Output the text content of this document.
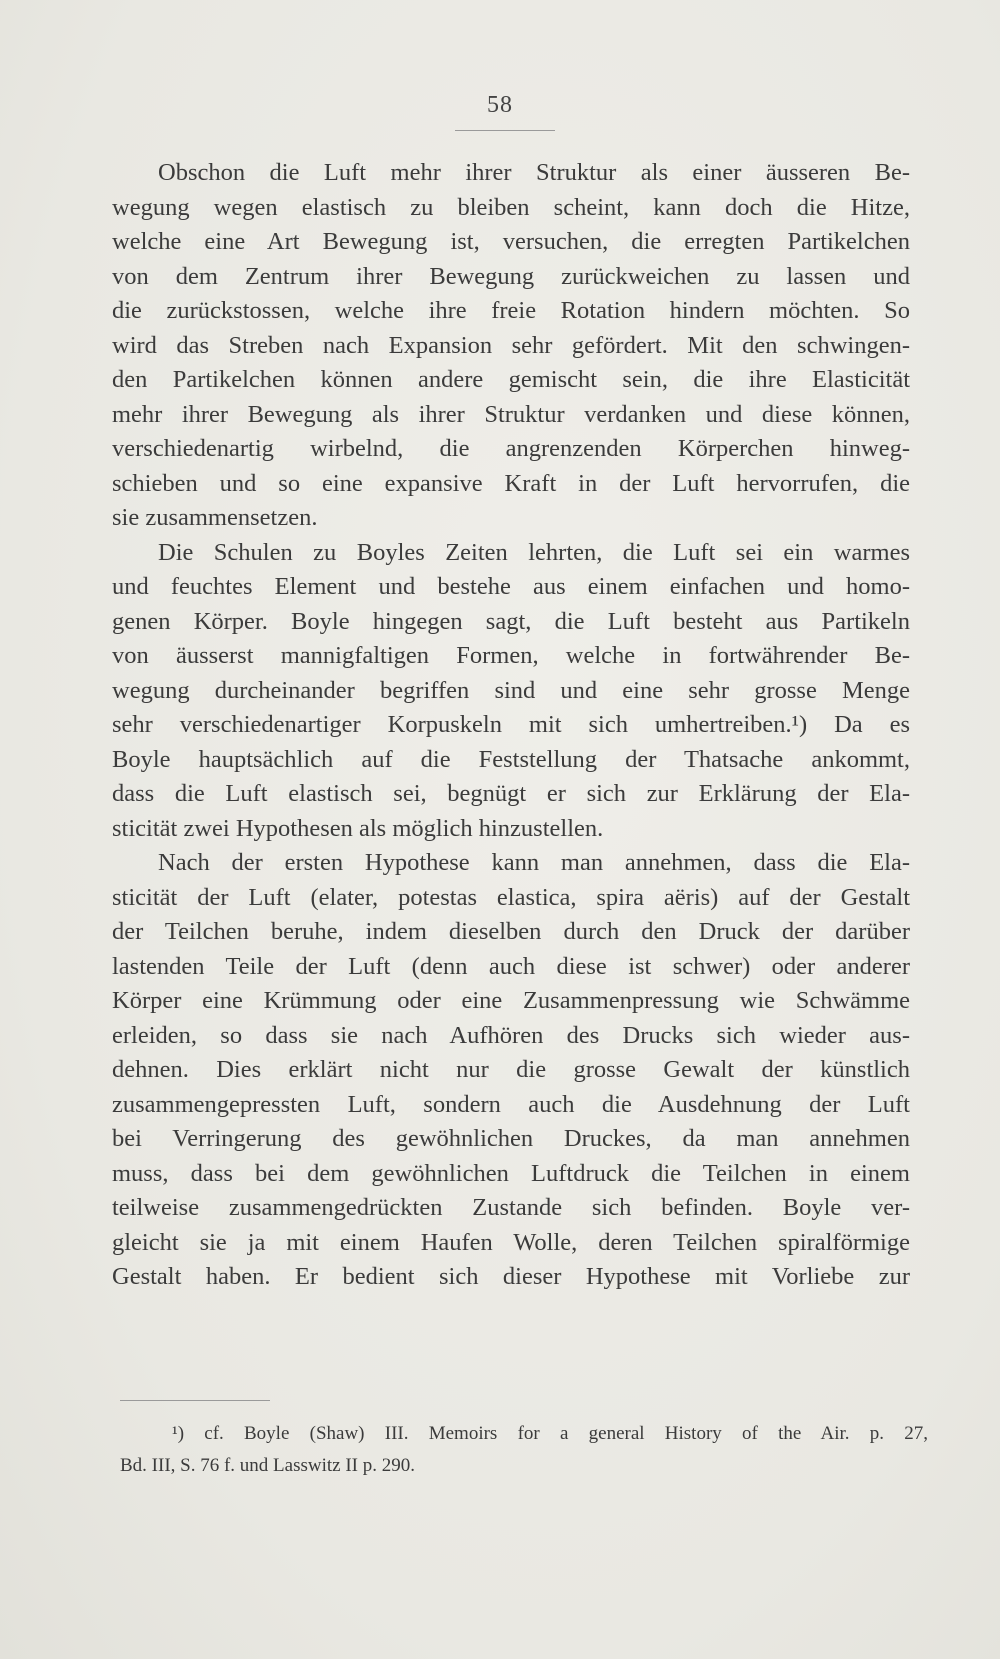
58
Obschon die Luft mehr ihrer Struktur als einer äusseren Be-
wegung wegen elastisch zu bleiben scheint, kann doch die Hitze,
welche eine Art Bewegung ist, versuchen, die erregten Partikelchen
von dem Zentrum ihrer Bewegung zurückweichen zu lassen und
die zurückstossen, welche ihre freie Rotation hindern möchten. So
wird das Streben nach Expansion sehr gefördert. Mit den schwingen-
den Partikelchen können andere gemischt sein, die ihre Elasticität
mehr ihrer Bewegung als ihrer Struktur verdanken und diese können,
verschiedenartig wirbelnd, die angrenzenden Körperchen hinweg-
schieben und so eine expansive Kraft in der Luft hervorrufen, die
sie zusammensetzen.
Die Schulen zu Boyles Zeiten lehrten, die Luft sei ein warmes
und feuchtes Element und bestehe aus einem einfachen und homo-
genen Körper. Boyle hingegen sagt, die Luft besteht aus Partikeln
von äusserst mannigfaltigen Formen, welche in fortwährender Be-
wegung durcheinander begriffen sind und eine sehr grosse Menge
sehr verschiedenartiger Korpuskeln mit sich umhertreiben.¹) Da es
Boyle hauptsächlich auf die Feststellung der Thatsache ankommt,
dass die Luft elastisch sei, begnügt er sich zur Erklärung der Ela-
sticität zwei Hypothesen als möglich hinzustellen.
Nach der ersten Hypothese kann man annehmen, dass die Ela-
sticität der Luft (elater, potestas elastica, spira aëris) auf der Gestalt
der Teilchen beruhe, indem dieselben durch den Druck der darüber
lastenden Teile der Luft (denn auch diese ist schwer) oder anderer
Körper eine Krümmung oder eine Zusammenpressung wie Schwämme
erleiden, so dass sie nach Aufhören des Drucks sich wieder aus-
dehnen. Dies erklärt nicht nur die grosse Gewalt der künstlich
zusammengepressten Luft, sondern auch die Ausdehnung der Luft
bei Verringerung des gewöhnlichen Druckes, da man annehmen
muss, dass bei dem gewöhnlichen Luftdruck die Teilchen in einem
teilweise zusammengedrückten Zustande sich befinden. Boyle ver-
gleicht sie ja mit einem Haufen Wolle, deren Teilchen spiralförmige
Gestalt haben. Er bedient sich dieser Hypothese mit Vorliebe zur
¹) cf. Boyle (Shaw) III. Memoirs for a general History of the Air. p. 27,
Bd. III, S. 76 f. und Lasswitz II p. 290.
